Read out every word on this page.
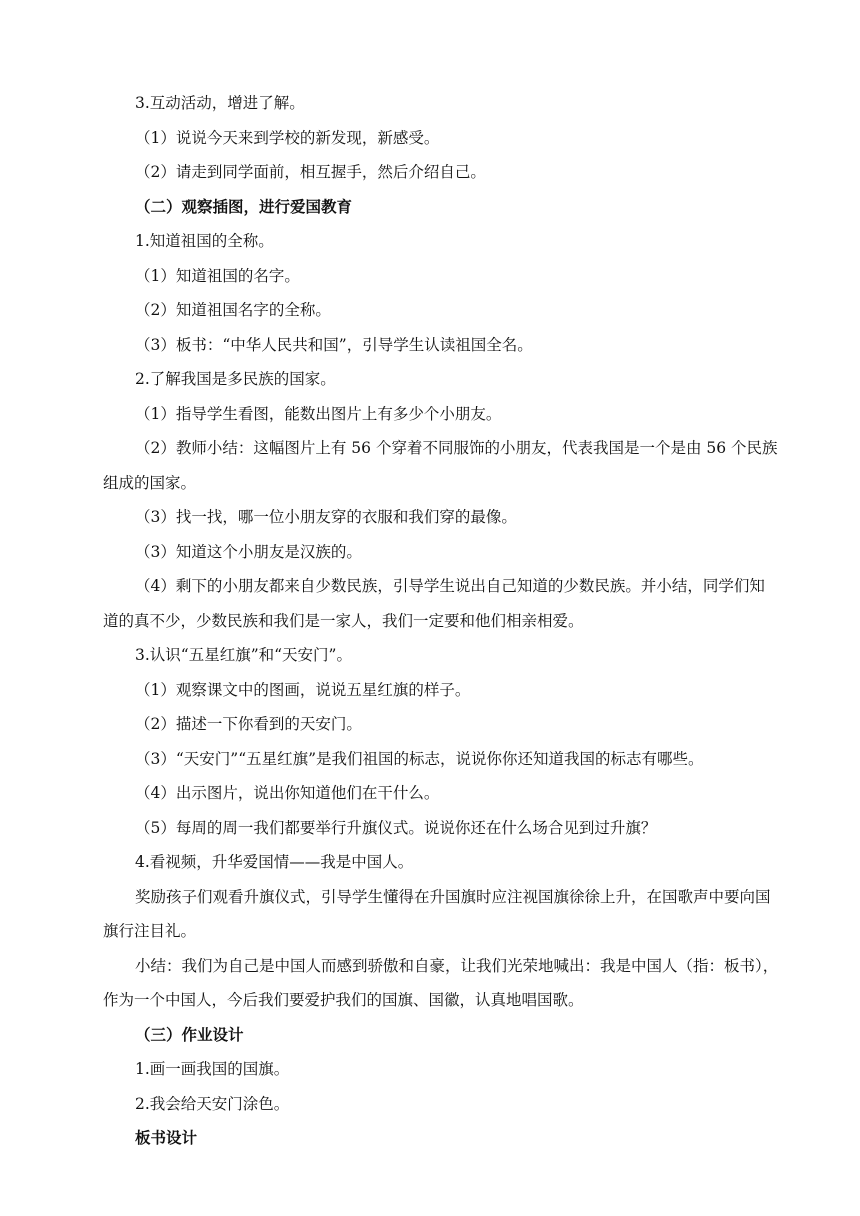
3.互动活动，增进了解。

（1）说说今天来到学校的新发现，新感受。

（2）请走到同学面前，相互握手，然后介绍自己。

（二）观察插图，进行爱国教育

1.知道祖国的全称。

（1）知道祖国的名字。

（2）知道祖国名字的全称。

（3）板书：“中华人民共和国”，引导学生认读祖国全名。

2.了解我国是多民族的国家。

（1）指导学生看图，能数出图片上有多少个小朋友。

（2）教师小结：这幅图片上有 56 个穿着不同服饰的小朋友，代表我国是一个是由 56 个民族组成的国家。

（3）找一找，哪一位小朋友穿的衣服和我们穿的最像。

（3）知道这个小朋友是汉族的。

（4）剩下的小朋友都来自少数民族，引导学生说出自己知道的少数民族。并小结，同学们知道的真不少，少数民族和我们是一家人，我们一定要和他们相亲相爱。

3.认识“五星红旗”和“天安门”。

（1）观察课文中的图画，说说五星红旗的样子。

（2）描述一下你看到的天安门。

（3）“天安门”“五星红旗”是我们祖国的标志，说说你你还知道我国的标志有哪些。

（4）出示图片，说出你知道他们在干什么。

（5）每周的周一我们都要举行升旗仪式。说说你还在什么场合见到过升旗？

4.看视频，升华爱国情——我是中国人。

奖励孩子们观看升旗仪式，引导学生懂得在升国旗时应注视国旗徐徐上升，在国歌声中要向国旗行注目礼。

小结：我们为自己是中国人而感到骄傲和自豪，让我们光荣地喊出：我是中国人（指：板书），作为一个中国人，今后我们要爱护我们的国旗、国徽，认真地唱国歌。

（三）作业设计

1.画一画我国的国旗。

2.我会给天安门涂色。

板书设计
